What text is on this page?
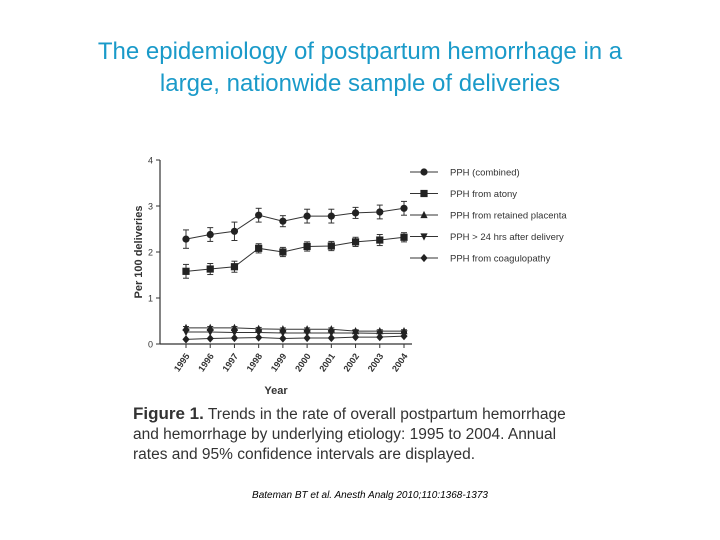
The epidemiology of postpartum hemorrhage in a
large, nationwide sample of deliveries
0
1
2
3
4
1995 1996 1997 1998 1999 2000 2001 2002 2003 2004
Year
Per 100 deliveries
PPH (combined)
PPH from atony
PPH from retained placenta
PPH > 24 hrs after delivery
PPH from coagulopathy
Figure 1. Trends in the rate of overall postpartum hemorrhage and hemorrhage by underlying etiology: 1995 to 2004. Annual rates and 95% confidence intervals are displayed.
Bateman BT et al. Anesth Analg 2010;110:1368-1373
